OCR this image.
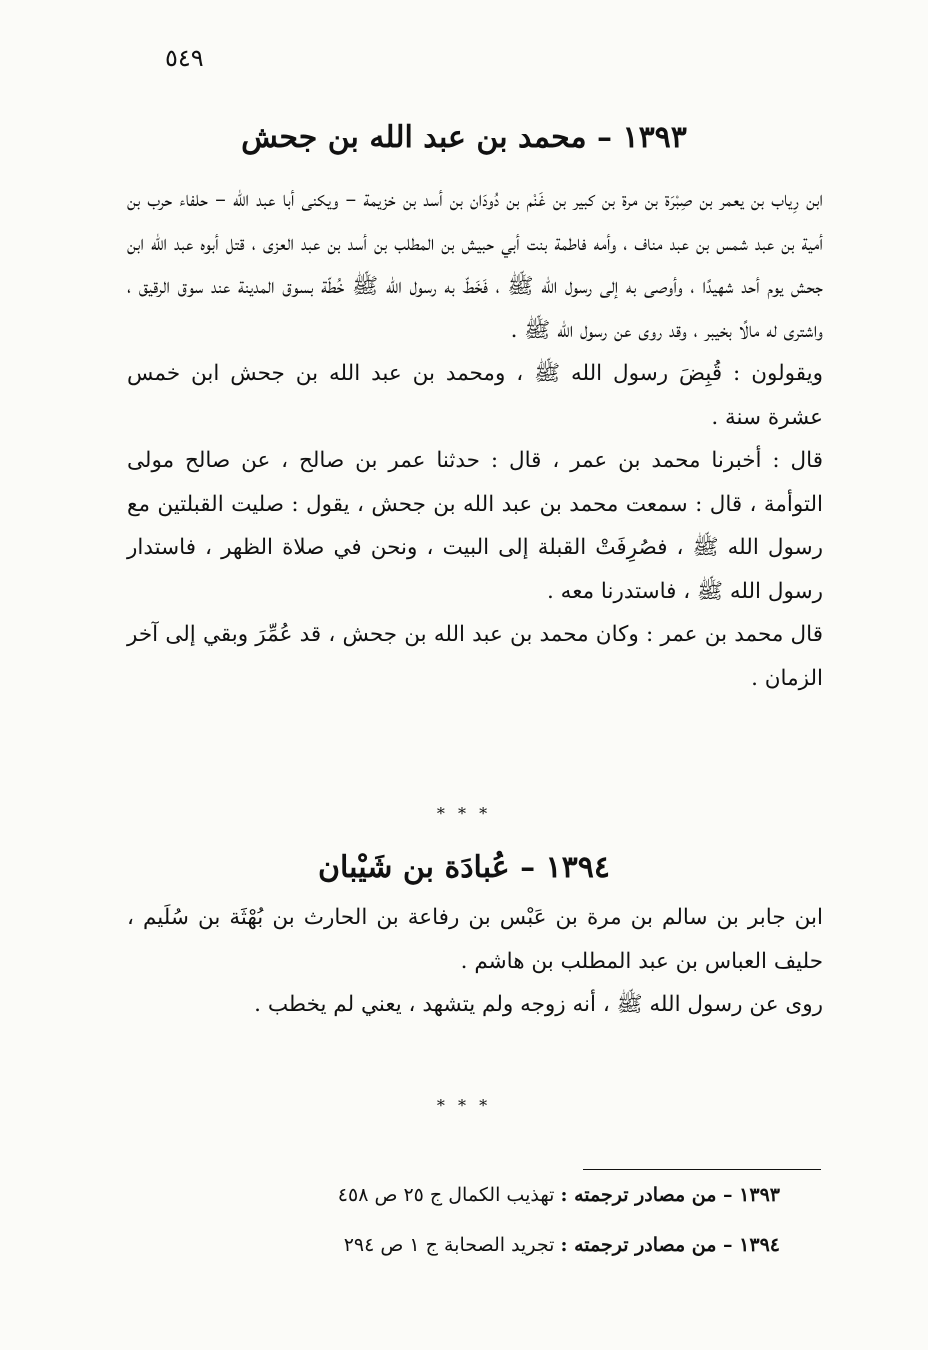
٥٤٩
١٣٩٣ – محمد بن عبد الله بن جحش

ابن رِياب بن يعمر بن صِبْرَة بن مرة بن كبير بن غَنْم بن دُودَان بن أسد بن خزيمة – ويكنى أبا عبد الله – حلفاء حرب بن أمية بن عبد شمس بن عبد مناف ، وأمه فاطمة بنت أبي حبيش بن المطلب بن أسد بن عبد العزى ، قتل أبوه عبد الله ابن جحش يوم أحد شهيدًا ، وأوصى به إلى رسول الله ﷺ ، فَخَطّ به رسول الله ﷺ خُطّة بسوق المدينة عند سوق الرقيق ، واشترى له مالًا بخيبر ، وقد روى عن رسول الله ﷺ .

ويقولون : قُبِضَ رسول الله ﷺ ، ومحمد بن عبد الله بن جحش ابن خمس عشرة سنة .

قال : أخبرنا محمد بن عمر ، قال : حدثنا عمر بن صالح ، عن صالح مولى التوأمة ، قال : سمعت محمد بن عبد الله بن جحش ، يقول : صليت القبلتين مع رسول الله ﷺ ، فصُرِفَتْ القبلة إلى البيت ، ونحن في صلاة الظهر ، فاستدار رسول الله ﷺ ، فاستدرنا معه .

قال محمد بن عمر : وكان محمد بن عبد الله بن جحش ، قد عُمِّرَ وبقي إلى آخر الزمان .

* * *
١٣٩٤ – عُبادَة بن شَيْبان

ابن جابر بن سالم بن مرة بن عَبْس بن رفاعة بن الحارث بن بُهْثَة بن سُلَيم ، حليف العباس بن عبد المطلب بن هاشم .

روى عن رسول الله ﷺ ، أنه زوجه ولم يتشهد ، يعني لم يخطب .

* * *
١٣٩٣ – من مصادر ترجمته : تهذيب الكمال ج ٢٥ ص ٤٥٨
١٣٩٤ – من مصادر ترجمته : تجريد الصحابة ج ١ ص ٢٩٤
